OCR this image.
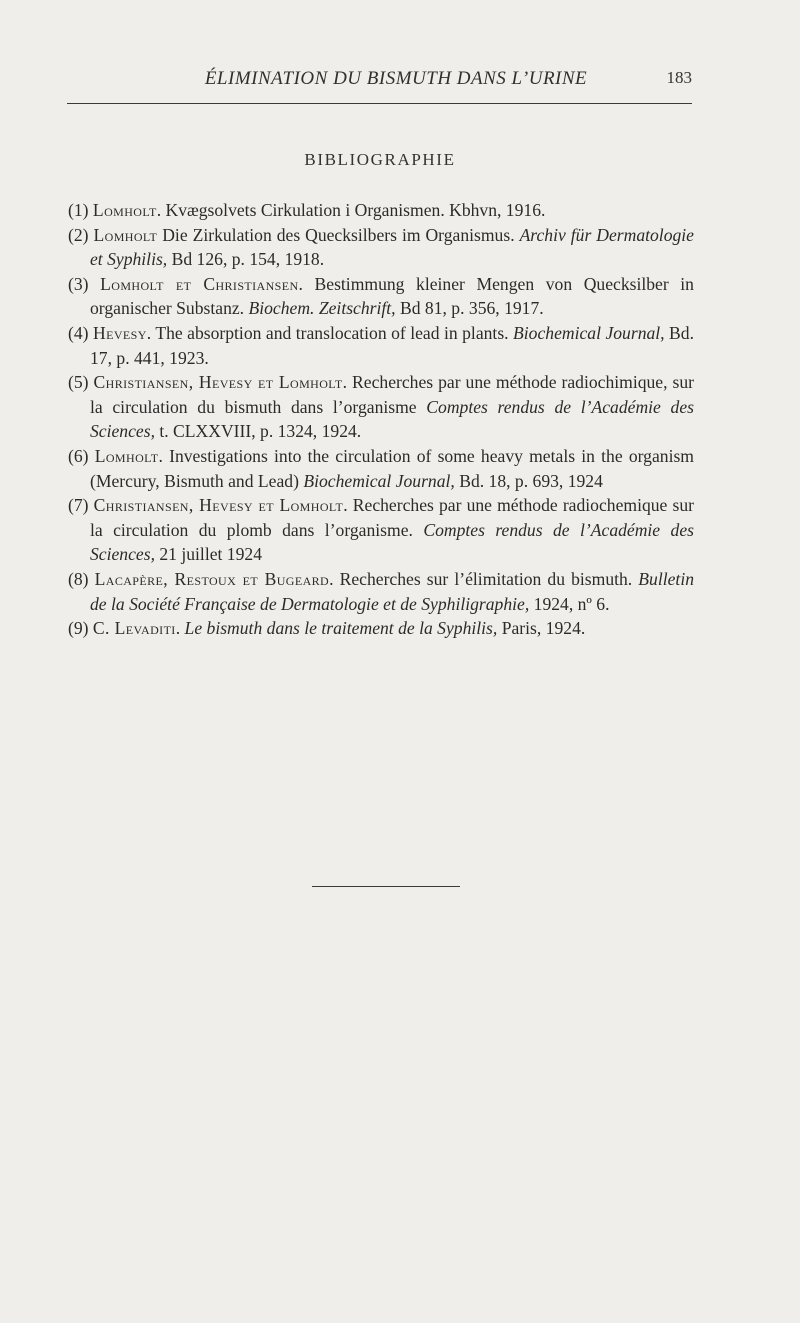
ÉLIMINATION DU BISMUTH DANS L’URINE	183
BIBLIOGRAPHIE

(1) Lomholt. Kvægsolvets Cirkulation i Organismen. Kbhvn, 1916.

(2) Lomholt Die Zirkulation des Quecksilbers im Organismus. Archiv für Dermatologie et Syphilis, Bd 126, p. 154, 1918.

(3) Lomholt et Christiansen. Bestimmung kleiner Mengen von Quecksilber in organischer Substanz. Biochem. Zeitschrift, Bd 81, p. 356, 1917.

(4) Hevesy. The absorption and translocation of lead in plants. Biochemical Journal, Bd. 17, p. 441, 1923.

(5) Christiansen, Hevesy et Lomholt. Recherches par une méthode radiochimique, sur la circulation du bismuth dans l’organisme Comptes rendus de l’Académie des Sciences, t. CLXXVIII, p. 1324, 1924.

(6) Lomholt. Investigations into the circulation of some heavy metals in the organism (Mercury, Bismuth and Lead) Biochemical Journal, Bd. 18, p. 693, 1924

(7) Christiansen, Hevesy et Lomholt. Recherches par une méthode radiochemique sur la circulation du plomb dans l’organisme. Comptes rendus de l’Académie des Sciences, 21 juillet 1924

(8) Lacapère, Restoux et Bugeard. Recherches sur l’élimitation du bismuth. Bulletin de la Société Française de Dermatologie et de Syphiligraphie, 1924, nº 6.

(9) C. Levaditi. Le bismuth dans le traitement de la Syphilis, Paris, 1924.
